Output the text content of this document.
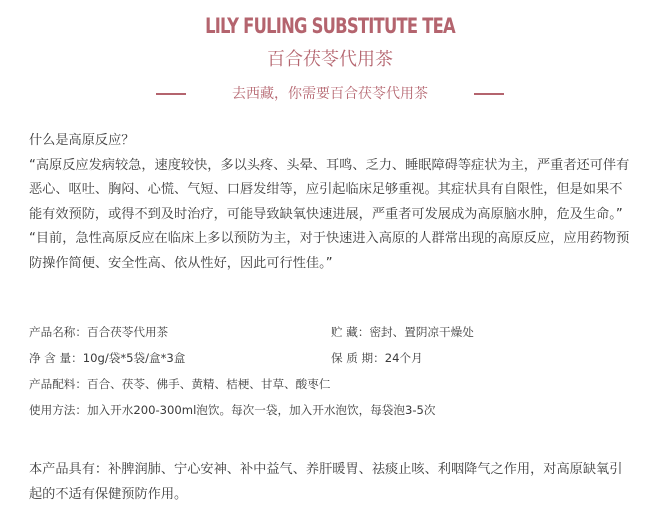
LILY FULING SUBSTITUTE TEA
百合茯苓代用茶
去西藏，你需要百合茯苓代用茶

什么是高原反应？

“高原反应发病较急，速度较快，多以头疼、头晕、耳鸣、乏力、睡眠障碍等症状为主，严重者还可伴有恶心、呕吐、胸闷、心慌、气短、口唇发绀等，应引起临床足够重视。其症状具有自限性，但是如果不能有效预防，或得不到及时治疗，可能导致缺氧快速进展，严重者可发展成为高原脑水肿，危及生命。”

“目前，急性高原反应在临床上多以预防为主，对于快速进入高原的人群常出现的高原反应，应用药物预防操作简便、安全性高、依从性好，因此可行性佳。”

产品名称：百合茯苓代用茶	贮 藏：密封、置阴凉干燥处
净 含 量：10g/袋*5袋/盒*3盒	保 质 期：24个月
产品配料：百合、茯苓、佛手、黄精、桔梗、甘草、酸枣仁
使用方法：加入开水200-300ml泡饮。每次一袋，加入开水泡饮，每袋泡3-5次

本产品具有：补脾润肺、宁心安神、补中益气、养肝暖胃、祛痰止咳、利咽降气之作用，对高原缺氧引起的不适有保健预防作用。
